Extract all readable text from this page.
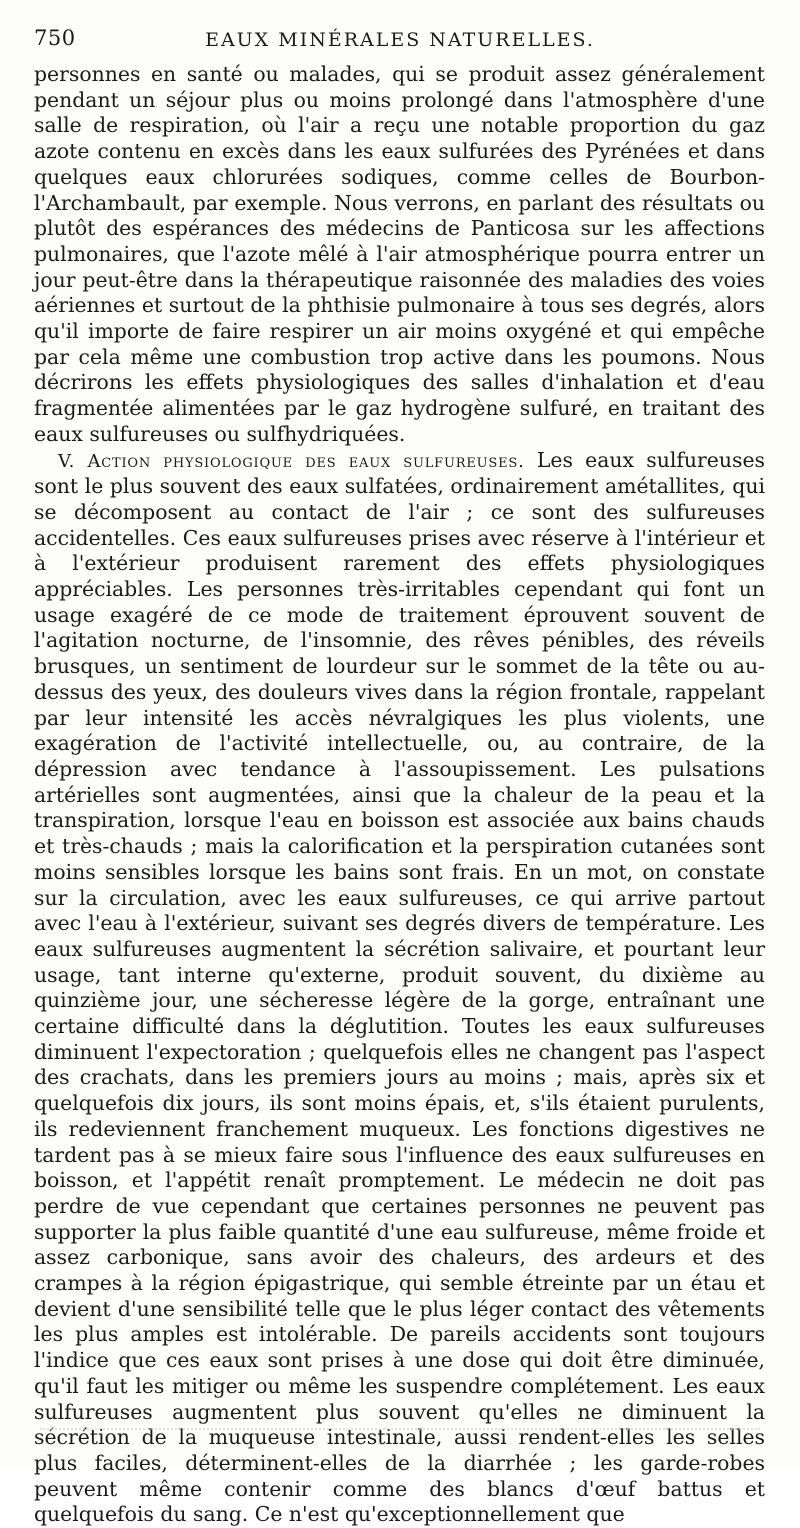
750	EAUX MINÉRALES NATURELLES.

personnes en santé ou malades, qui se produit assez généralement pendant un séjour plus ou moins prolongé dans l'atmosphère d'une salle de respiration, où l'air a reçu une notable proportion du gaz azote contenu en excès dans les eaux sulfurées des Pyrénées et dans quelques eaux chlorurées sodiques, comme celles de Bourbon-l'Archambault, par exemple. Nous verrons, en parlant des résultats ou plutôt des espérances des médecins de Panticosa sur les affections pulmonaires, que l'azote mêlé à l'air atmosphérique pourra entrer un jour peut-être dans la thérapeutique raisonnée des maladies des voies aériennes et surtout de la phthisie pulmonaire à tous ses degrés, alors qu'il importe de faire respirer un air moins oxygéné et qui empêche par cela même une combustion trop active dans les poumons. Nous décrirons les effets physiologiques des salles d'inhalation et d'eau fragmentée alimentées par le gaz hydrogène sulfuré, en traitant des eaux sulfureuses ou sulfhydriquées.

V. Action physiologique des eaux sulfureuses. Les eaux sulfureuses sont le plus souvent des eaux sulfatées, ordinairement amétallites, qui se décomposent au contact de l'air ; ce sont des sulfureuses accidentelles. Ces eaux sulfureuses prises avec réserve à l'intérieur et à l'extérieur produisent rarement des effets physiologiques appréciables. Les personnes très-irritables cependant qui font un usage exagéré de ce mode de traitement éprouvent souvent de l'agitation nocturne, de l'insomnie, des rêves pénibles, des réveils brusques, un sentiment de lourdeur sur le sommet de la tête ou au-dessus des yeux, des douleurs vives dans la région frontale, rappelant par leur intensité les accès névralgiques les plus violents, une exagération de l'activité intellectuelle, ou, au contraire, de la dépression avec tendance à l'assoupissement. Les pulsations artérielles sont augmentées, ainsi que la chaleur de la peau et la transpiration, lorsque l'eau en boisson est associée aux bains chauds et très-chauds ; mais la calorification et la perspiration cutanées sont moins sensibles lorsque les bains sont frais. En un mot, on constate sur la circulation, avec les eaux sulfureuses, ce qui arrive partout avec l'eau à l'extérieur, suivant ses degrés divers de température. Les eaux sulfureuses augmentent la sécrétion salivaire, et pourtant leur usage, tant interne qu'externe, produit souvent, du dixième au quinzième jour, une sécheresse légère de la gorge, entraînant une certaine difficulté dans la déglutition. Toutes les eaux sulfureuses diminuent l'expectoration ; quelquefois elles ne changent pas l'aspect des crachats, dans les premiers jours au moins ; mais, après six et quelquefois dix jours, ils sont moins épais, et, s'ils étaient purulents, ils redeviennent franchement muqueux. Les fonctions digestives ne tardent pas à se mieux faire sous l'influence des eaux sulfureuses en boisson, et l'appétit renaît promptement. Le médecin ne doit pas perdre de vue cependant que certaines personnes ne peuvent pas supporter la plus faible quantité d'une eau sulfureuse, même froide et assez carbonique, sans avoir des chaleurs, des ardeurs et des crampes à la région épigastrique, qui semble étreinte par un étau et devient d'une sensibilité telle que le plus léger contact des vêtements les plus amples est intolérable. De pareils accidents sont toujours l'indice que ces eaux sont prises à une dose qui doit être diminuée, qu'il faut les mitiger ou même les suspendre complétement. Les eaux sulfureuses augmentent plus souvent qu'elles ne diminuent la sécrétion de la muqueuse intestinale, aussi rendent-elles les selles plus faciles, déterminent-elles de la diarrhée ; les garde-robes peuvent même contenir comme des blancs d'œuf battus et quelquefois du sang. Ce n'est qu'exceptionnellement que
